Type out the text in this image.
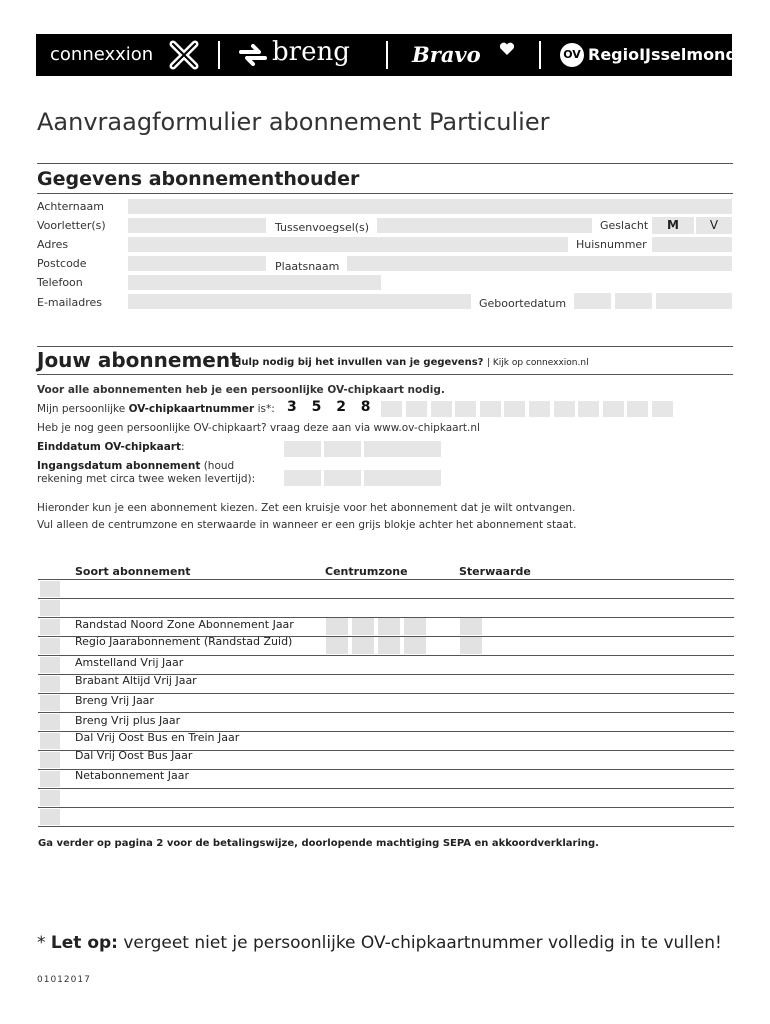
connexxion	breng	Bravo	OV RegioIJsselmond
Aanvraagformulier abonnement Particulier
Gegevens abonnementhouder
Achternaam
Voorletter(s)	Tussenvoegsel(s)	Geslacht	M	V
Adres	Huisnummer
Postcode	Plaatsnaam
Telefoon
E-mailadres	Geboortedatum
Jouw abonnement
Hulp nodig bij het invullen van je gegevens? | Kijk op connexxion.nl
Voor alle abonnementen heb je een persoonlijke OV-chipkaart nodig.
Mijn persoonlijke OV-chipkaartnummer is*: 3 5 2 8
Heb je nog geen persoonlijke OV-chipkaart? vraag deze aan via www.ov-chipkaart.nl
Einddatum OV-chipkaart:
Ingangsdatum abonnement (houd
rekening met circa twee weken levertijd):
Hieronder kun je een abonnement kiezen. Zet een kruisje voor het abonnement dat je wilt ontvangen.
Vul alleen de centrumzone en sterwaarde in wanneer er een grijs blokje achter het abonnement staat.
Soort abonnement	Centrumzone	Sterwaarde
Randstad Noord Zone Abonnement Jaar
Regio Jaarabonnement (Randstad Zuid)
Amstelland Vrij Jaar
Brabant Altijd Vrij Jaar
Breng Vrij Jaar
Breng Vrij plus Jaar
Dal Vrij Oost Bus en Trein Jaar
Dal Vrij Oost Bus Jaar
Netabonnement Jaar
Ga verder op pagina 2 voor de betalingswijze, doorlopende machtiging SEPA en akkoordverklaring.
* Let op: vergeet niet je persoonlijke OV-chipkaartnummer volledig in te vullen!
01012017
